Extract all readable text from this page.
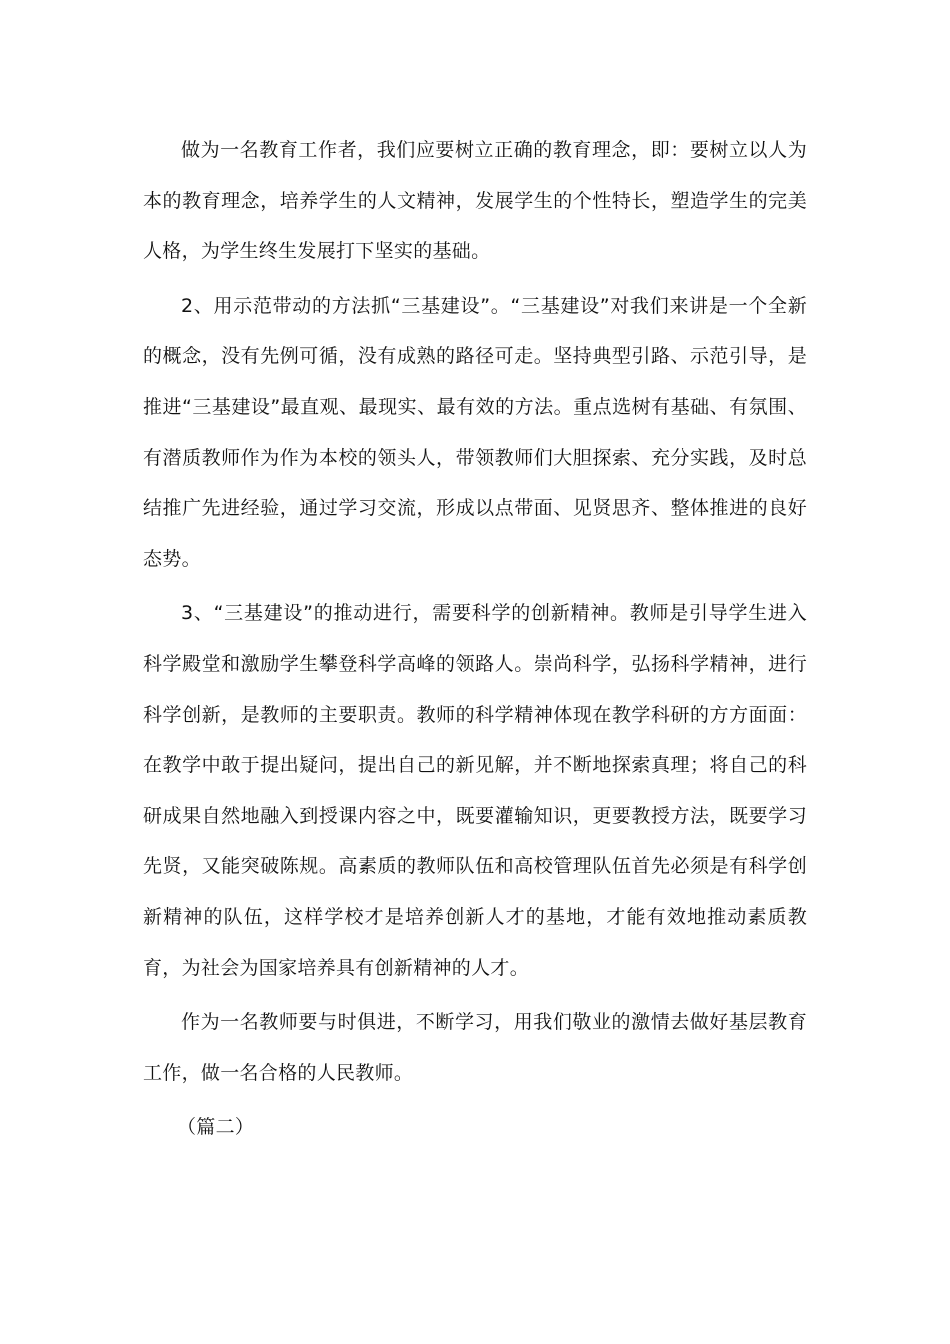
做为一名教育工作者，我们应要树立正确的教育理念，即：要树立以人为本的教育理念，培养学生的人文精神，发展学生的个性特长，塑造学生的完美人格，为学生终生发展打下坚实的基础。

2、用示范带动的方法抓“三基建设”。“三基建设”对我们来讲是一个全新的概念，没有先例可循，没有成熟的路径可走。坚持典型引路、示范引导，是推进“三基建设”最直观、最现实、最有效的方法。重点选树有基础、有氛围、有潜质教师作为作为本校的领头人，带领教师们大胆探索、充分实践，及时总结推广先进经验，通过学习交流，形成以点带面、见贤思齐、整体推进的良好态势。

3、“三基建设”的推动进行，需要科学的创新精神。教师是引导学生进入科学殿堂和激励学生攀登科学高峰的领路人。崇尚科学，弘扬科学精神，进行科学创新，是教师的主要职责。教师的科学精神体现在教学科研的方方面面：在教学中敢于提出疑问，提出自己的新见解，并不断地探索真理；将自己的科研成果自然地融入到授课内容之中，既要灌输知识，更要教授方法，既要学习先贤，又能突破陈规。高素质的教师队伍和高校管理队伍首先必须是有科学创新精神的队伍，这样学校才是培养创新人才的基地，才能有效地推动素质教育，为社会为国家培养具有创新精神的人才。

作为一名教师要与时俱进，不断学习，用我们敬业的激情去做好基层教育工作，做一名合格的人民教师。

（篇二）
